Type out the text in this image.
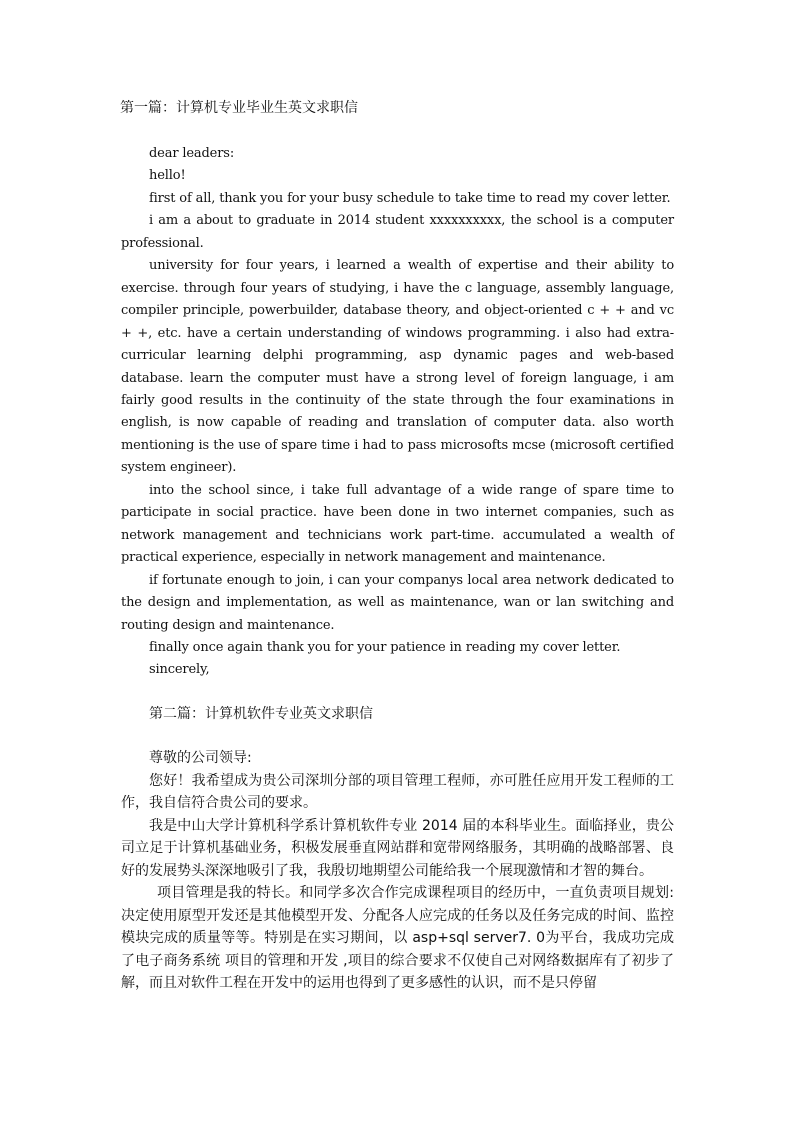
第一篇：计算机专业毕业生英文求职信

dear leaders:

hello!

first of all, thank you for your busy schedule to take time to read my cover letter.

i am a about to graduate in 2014 student xxxxxxxxxx, the school is a computer professional.

university for four years, i learned a wealth of expertise and their ability to exercise. through four years of studying, i have the c language, assembly language, compiler principle, powerbuilder, database theory, and object-oriented c + + and vc + +, etc. have a certain understanding of windows programming. i also had extra-curricular learning delphi programming, asp dynamic pages and web-based database. learn the computer must have a strong level of foreign language, i am fairly good results in the continuity of the state through the four examinations in english, is now capable of reading and translation of computer data. also worth mentioning is the use of spare time i had to pass microsofts mcse (microsoft certified system engineer).

into the school since, i take full advantage of a wide range of spare time to participate in social practice. have been done in two internet companies, such as network management and technicians work part-time. accumulated a wealth of practical experience, especially in network management and maintenance.

if fortunate enough to join, i can your companys local area network dedicated to the design and implementation, as well as maintenance, wan or lan switching and routing design and maintenance.

finally once again thank you for your patience in reading my cover letter.

sincerely,

第二篇：计算机软件专业英文求职信

尊敬的公司领导:

您好！我希望成为贵公司深圳分部的项目管理工程师，亦可胜任应用开发工程师的工作，我自信符合贵公司的要求。

我是中山大学计算机科学系计算机软件专业 2014 届的本科毕业生。面临择业，贵公司立足于计算机基础业务，积极发展垂直网站群和宽带网络服务，其明确的战略部署、良好的发展势头深深地吸引了我，我殷切地期望公司能给我一个展现激情和才智的舞台。

项目管理是我的特长。和同学多次合作完成课程项目的经历中，一直负责项目规划: 决定使用原型开发还是其他模型开发、分配各人应完成的任务以及任务完成的时间、监控模块完成的质量等等。特别是在实习期间，以 asp+sql server7. 0为平台，我成功完成了电子商务系统 项目的管理和开发 ,项目的综合要求不仅使自己对网络数据库有了初步了解，而且对软件工程在开发中的运用也得到了更多感性的认识，而不是只停留
